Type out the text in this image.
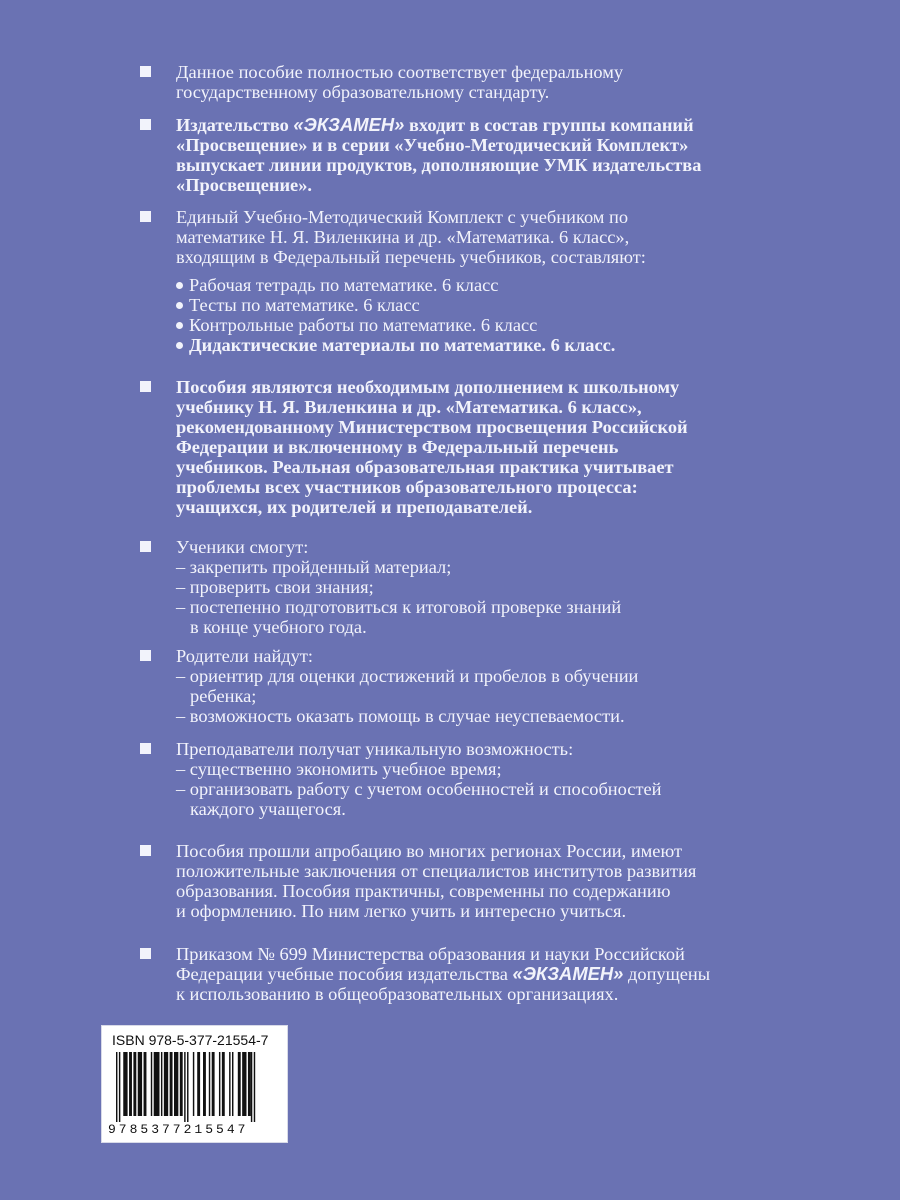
Данное пособие полностью соответствует федеральному
государственному образовательному стандарту.
Издательство «ЭКЗАМЕН» входит в состав группы компаний
«Просвещение» и в серии «Учебно-Методический Комплект»
выпускает линии продуктов, дополняющие УМК издательства
«Просвещение».
Единый Учебно-Методический Комплект с учебником по
математике Н. Я. Виленкина и др. «Математика. 6 класс»,
входящим в Федеральный перечень учебников, составляют:
Рабочая тетрадь по математике. 6 класс
Тесты по математике. 6 класс
Контрольные работы по математике. 6 класс
Дидактические материалы по математике. 6 класс.
Пособия являются необходимым дополнением к школьному
учебнику Н. Я. Виленкина и др. «Математика. 6 класс»,
рекомендованному Министерством просвещения Российской
Федерации и включенному в Федеральный перечень
учебников. Реальная образовательная практика учитывает
проблемы всех участников образовательного процесса:
учащихся, их родителей и преподавателей.
Ученики смогут:
– закрепить пройденный материал;
– проверить свои знания;
– постепенно подготовиться к итоговой проверке знаний
в конце учебного года.
Родители найдут:
– ориентир для оценки достижений и пробелов в обучении
ребенка;
– возможность оказать помощь в случае неуспеваемости.
Преподаватели получат уникальную возможность:
– существенно экономить учебное время;
– организовать работу с учетом особенностей и способностей
каждого учащегося.
Пособия прошли апробацию во многих регионах России, имеют
положительные заключения от специалистов институтов развития
образования. Пособия практичны, современны по содержанию
и оформлению. По ним легко учить и интересно учиться.
Приказом № 699 Министерства образования и науки Российской
Федерации учебные пособия издательства «ЭКЗАМЕН» допущены
к использованию в общеобразовательных организациях.
ISBN 978-5-377-21554-7
9785377215547
